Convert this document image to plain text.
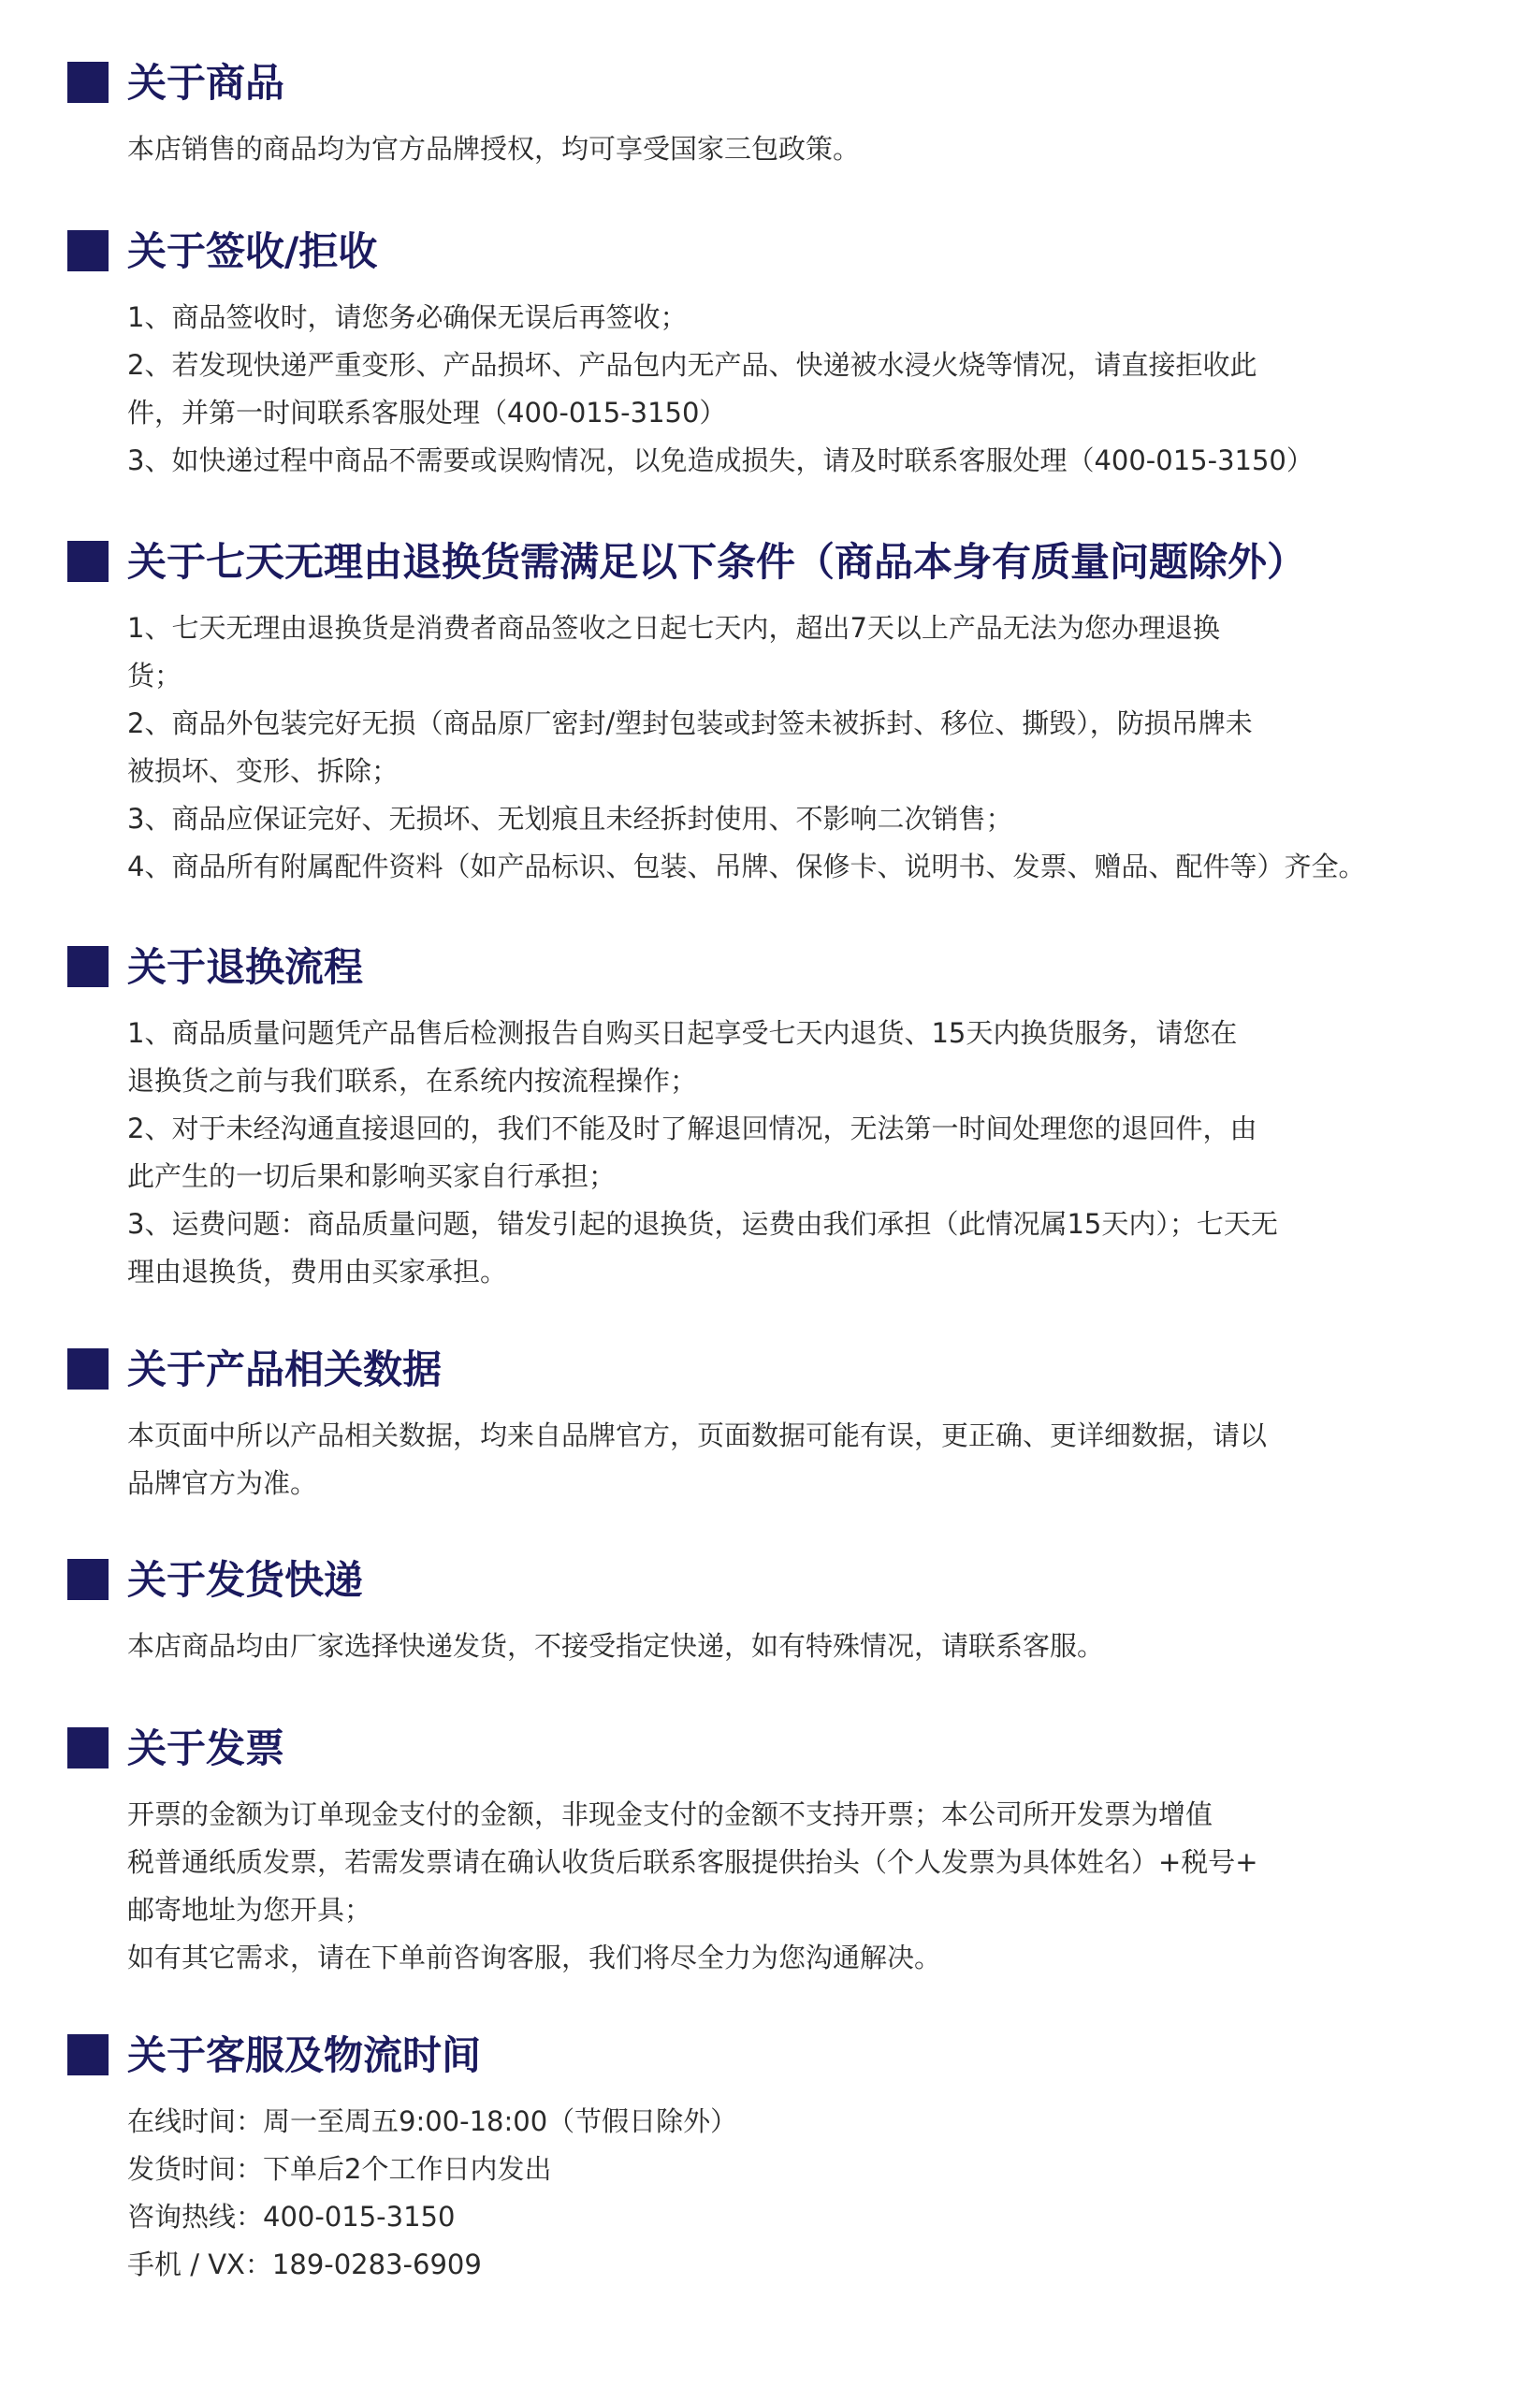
关于商品
本店销售的商品均为官方品牌授权，均可享受国家三包政策。
关于签收/拒收
1、商品签收时，请您务必确保无误后再签收；
2、若发现快递严重变形、产品损坏、产品包内无产品、快递被水浸火烧等情况，请直接拒收此
件，并第一时间联系客服处理（400-015-3150）
3、如快递过程中商品不需要或误购情况，以免造成损失，请及时联系客服处理（400-015-3150）
关于七天无理由退换货需满足以下条件（商品本身有质量问题除外）
1、七天无理由退换货是消费者商品签收之日起七天内，超出7天以上产品无法为您办理退换
货；
2、商品外包装完好无损（商品原厂密封/塑封包装或封签未被拆封、移位、撕毁），防损吊牌未
被损坏、变形、拆除；
3、商品应保证完好、无损坏、无划痕且未经拆封使用、不影响二次销售；
4、商品所有附属配件资料（如产品标识、包装、吊牌、保修卡、说明书、发票、赠品、配件等）齐全。
关于退换流程
1、商品质量问题凭产品售后检测报告自购买日起享受七天内退货、15天内换货服务，请您在
退换货之前与我们联系，在系统内按流程操作；
2、对于未经沟通直接退回的，我们不能及时了解退回情况，无法第一时间处理您的退回件，由
此产生的一切后果和影响买家自行承担；
3、运费问题：商品质量问题，错发引起的退换货，运费由我们承担（此情况属15天内）；七天无
理由退换货，费用由买家承担。
关于产品相关数据
本页面中所以产品相关数据，均来自品牌官方，页面数据可能有误，更正确、更详细数据，请以
品牌官方为准。
关于发货快递
本店商品均由厂家选择快递发货，不接受指定快递，如有特殊情况，请联系客服。
关于发票
开票的金额为订单现金支付的金额，非现金支付的金额不支持开票；本公司所开发票为增值
税普通纸质发票，若需发票请在确认收货后联系客服提供抬头（个人发票为具体姓名）+税号+
邮寄地址为您开具；
如有其它需求，请在下单前咨询客服，我们将尽全力为您沟通解决。
关于客服及物流时间
在线时间：周一至周五9:00-18:00（节假日除外）
发货时间：下单后2个工作日内发出
咨询热线：400-015-3150
手机 / VX：189-0283-6909
